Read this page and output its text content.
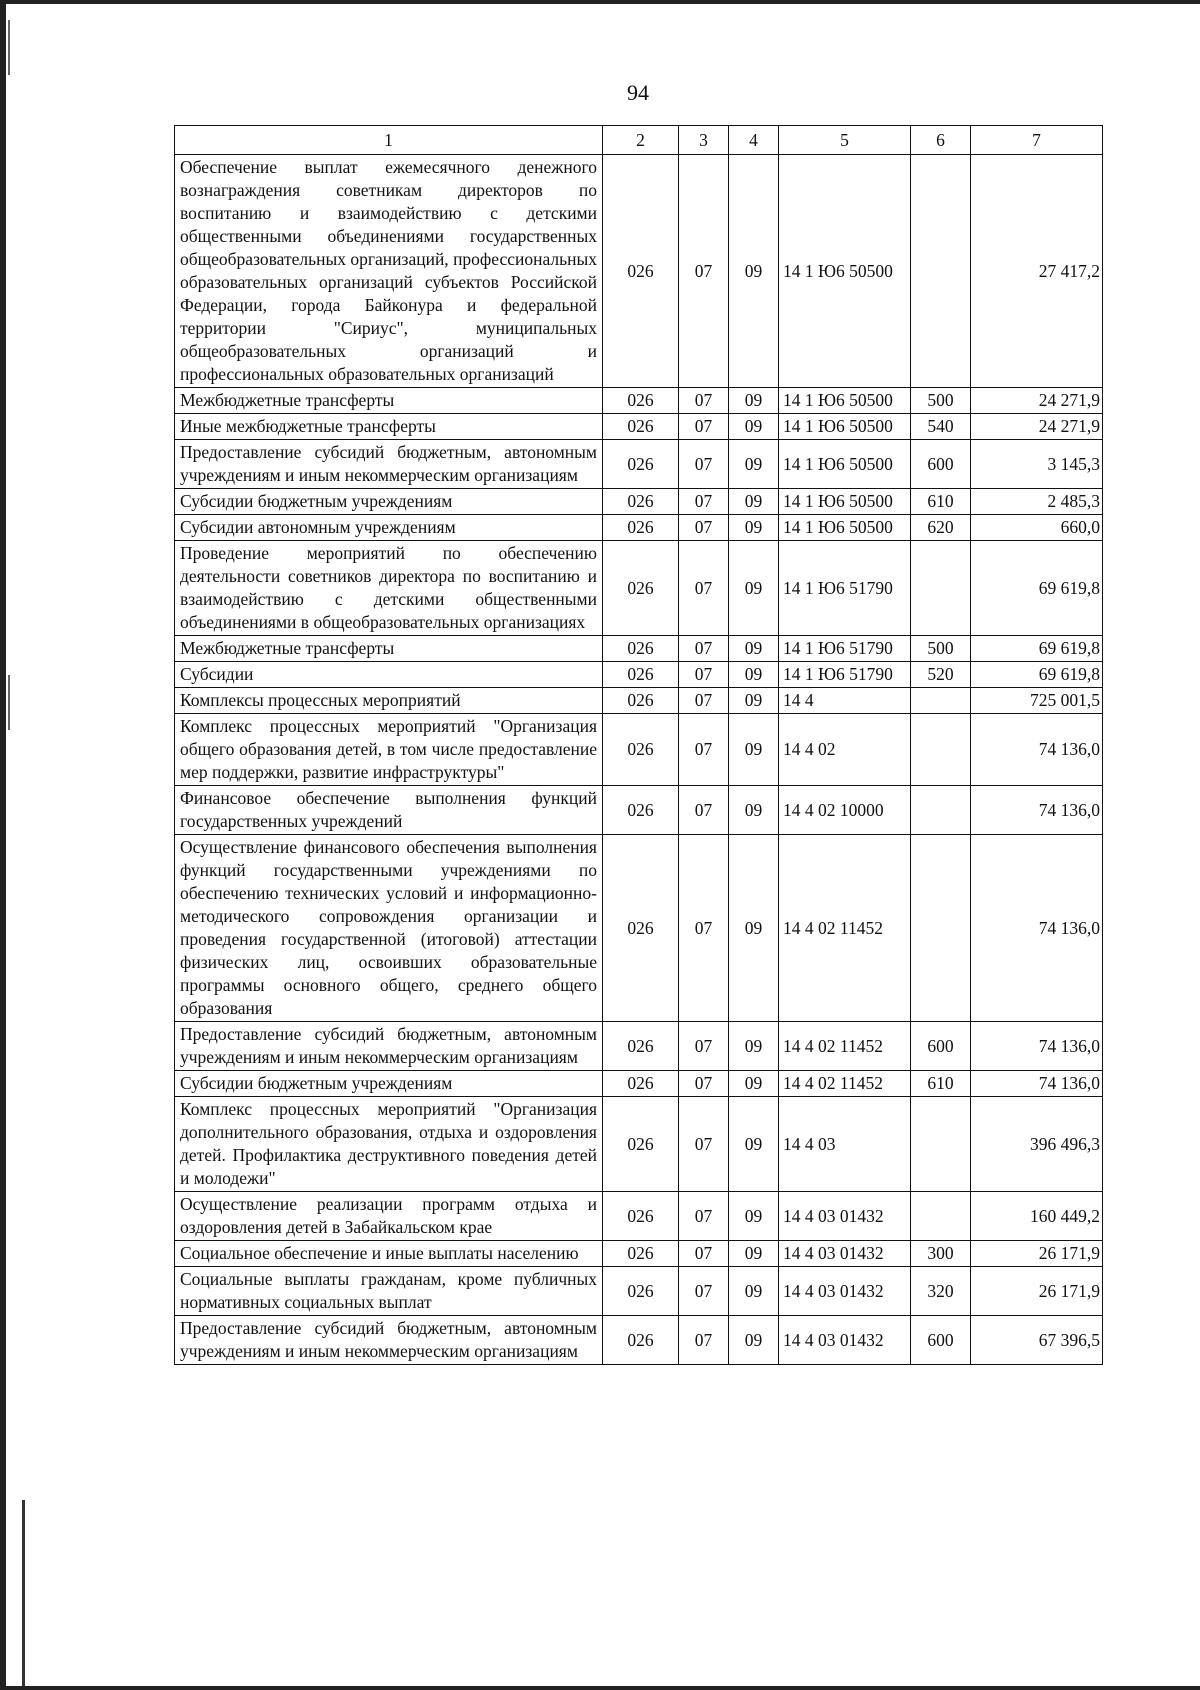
94
1	2	3	4	5	6	7
Обеспечение выплат ежемесячного денежного вознаграждения советникам директоров по воспитанию и взаимодействию с детскими общественными объединениями государственных общеобразовательных организаций, профессиональных образовательных организаций субъектов Российской Федерации, города Байконура и федеральной территории "Сириус", муниципальных общеобразовательных организаций и профессиональных образовательных организаций	026	07	09	14 1 Ю6 50500		27 417,2
Межбюджетные трансферты	026	07	09	14 1 Ю6 50500	500	24 271,9
Иные межбюджетные трансферты	026	07	09	14 1 Ю6 50500	540	24 271,9
Предоставление субсидий бюджетным, автономным учреждениям и иным некоммерческим организациям	026	07	09	14 1 Ю6 50500	600	3 145,3
Субсидии бюджетным учреждениям	026	07	09	14 1 Ю6 50500	610	2 485,3
Субсидии автономным учреждениям	026	07	09	14 1 Ю6 50500	620	660,0
Проведение мероприятий по обеспечению деятельности советников директора по воспитанию и взаимодействию с детскими общественными объединениями в общеобразовательных организациях	026	07	09	14 1 Ю6 51790		69 619,8
Межбюджетные трансферты	026	07	09	14 1 Ю6 51790	500	69 619,8
Субсидии	026	07	09	14 1 Ю6 51790	520	69 619,8
Комплексы процессных мероприятий	026	07	09	14 4		725 001,5
Комплекс процессных мероприятий "Организация общего образования детей, в том числе предоставление мер поддержки, развитие инфраструктуры"	026	07	09	14 4 02		74 136,0
Финансовое обеспечение выполнения функций государственных учреждений	026	07	09	14 4 02 10000		74 136,0
Осуществление финансового обеспечения выполнения функций государственными учреждениями по обеспечению технических условий и информационно-методического сопровождения организации и проведения государственной (итоговой) аттестации физических лиц, освоивших образовательные программы основного общего, среднего общего образования	026	07	09	14 4 02 11452		74 136,0
Предоставление субсидий бюджетным, автономным учреждениям и иным некоммерческим организациям	026	07	09	14 4 02 11452	600	74 136,0
Субсидии бюджетным учреждениям	026	07	09	14 4 02 11452	610	74 136,0
Комплекс процессных мероприятий "Организация дополнительного образования, отдыха и оздоровления детей. Профилактика деструктивного поведения детей и молодежи"	026	07	09	14 4 03		396 496,3
Осуществление реализации программ отдыха и оздоровления детей в Забайкальском крае	026	07	09	14 4 03 01432		160 449,2
Социальное обеспечение и иные выплаты населению	026	07	09	14 4 03 01432	300	26 171,9
Социальные выплаты гражданам, кроме публичных нормативных социальных выплат	026	07	09	14 4 03 01432	320	26 171,9
Предоставление субсидий бюджетным, автономным учреждениям и иным некоммерческим организациям	026	07	09	14 4 03 01432	600	67 396,5
